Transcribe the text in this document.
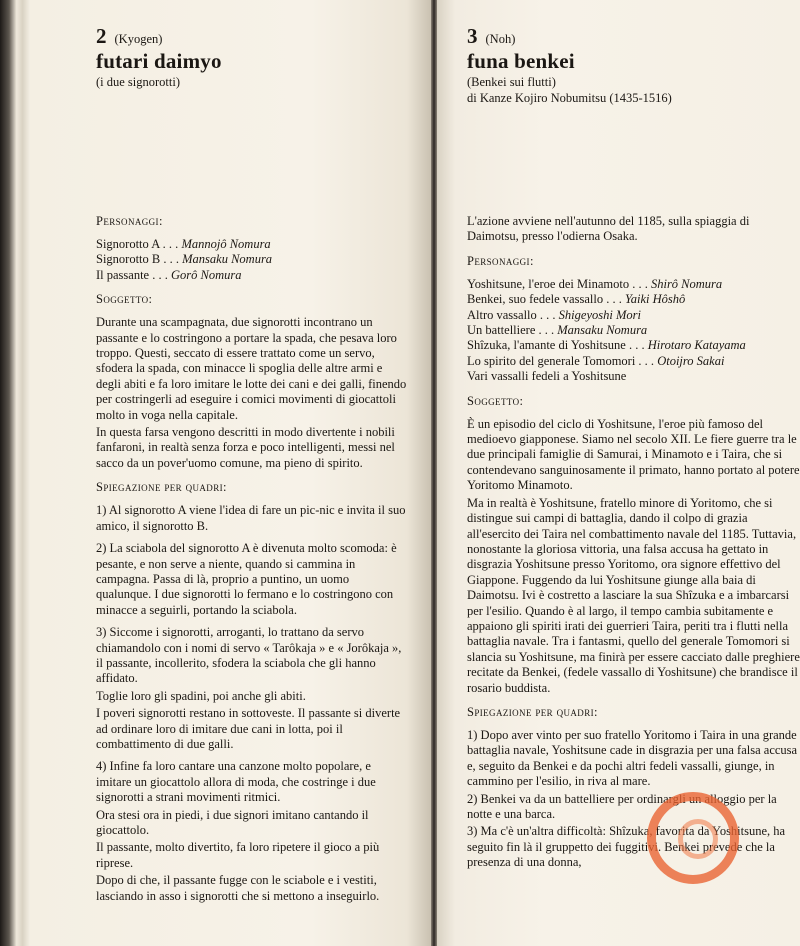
2 (Kyogen)
futari daimyo
(i due signorotti)
Personaggi:
Signorotto A . . . Mannojô Nomura
Signorotto B . . . Mansaku Nomura
Il passante . . . Gorô Nomura
Soggetto:

Durante una scampagnata, due signorotti incontrano un passante e lo costringono a portare la spada, che pesava loro troppo. Questi, seccato di essere trattato come un servo, sfodera la spada, con minacce li spoglia delle altre armi e degli abiti e fa loro imitare le lotte dei cani e dei galli, finendo per costringerli ad eseguire i comici movimenti di giocattoli molto in voga nella capitale.

In questa farsa vengono descritti in modo divertente i nobili fanfaroni, in realtà senza forza e poco intelligenti, messi nel sacco da un pover'uomo comune, ma pieno di spirito.

Spiegazione per quadri:

1) Al signorotto A viene l'idea di fare un pic-nic e invita il suo amico, il signorotto B.

2) La sciabola del signorotto A è divenuta molto scomoda: è pesante, e non serve a niente, quando si cammina in campagna. Passa di là, proprio a puntino, un uomo qualunque. I due signorotti lo fermano e lo costringono con minacce a seguirli, portando la sciabola.

3) Siccome i signorotti, arroganti, lo trattano da servo chiamandolo con i nomi di servo « Tarôkaja » e « Jorôkaja », il passante, incollerito, sfodera la sciabola che gli hanno affidato.

Toglie loro gli spadini, poi anche gli abiti.

I poveri signorotti restano in sottoveste. Il passante si diverte ad ordinare loro di imitare due cani in lotta, poi il combattimento di due galli.

4) Infine fa loro cantare una canzone molto popolare, e imitare un giocattolo allora di moda, che costringe i due signorotti a strani movimenti ritmici.

Ora stesi ora in piedi, i due signori imitano cantando il giocattolo.

Il passante, molto divertito, fa loro ripetere il gioco a più riprese.

Dopo di che, il passante fugge con le sciabole e i vestiti, lasciando in asso i signorotti che si mettono a inseguirlo.

3 (Noh)
funa benkei
(Benkei sui flutti)
di Kanze Kojiro Nobumitsu (1435-1516)

L'azione avviene nell'autunno del 1185, sulla spiaggia di Daimotsu, presso l'odierna Osaka.

Personaggi:
Yoshitsune, l'eroe dei Minamoto . . . Shirô Nomura
Benkei, suo fedele vassallo . . . Yaiki Hôshô
Altro vassallo . . . Shigeyoshi Mori
Un battelliere . . . Mansaku Nomura
Shîzuka, l'amante di Yoshitsune . . . Hirotaro Katayama
Lo spirito del generale Tomomori . . . Otoijro Sakai
Vari vassalli fedeli a Yoshitsune
Soggetto:

È un episodio del ciclo di Yoshitsune, l'eroe più famoso del medioevo giapponese. Siamo nel secolo XII. Le fiere guerre tra le due principali famiglie di Samurai, i Minamoto e i Taira, che si contendevano sanguinosamente il primato, hanno portato al potere Yoritomo Minamoto.

Ma in realtà è Yoshitsune, fratello minore di Yoritomo, che si distingue sui campi di battaglia, dando il colpo di grazia all'esercito dei Taira nel combattimento navale del 1185. Tuttavia, nonostante la gloriosa vittoria, una falsa accusa ha gettato in disgrazia Yoshitsune presso Yoritomo, ora signore effettivo del Giappone. Fuggendo da lui Yoshitsune giunge alla baia di Daimotsu. Ivi è costretto a lasciare la sua Shîzuka e a imbarcarsi per l'esilio. Quando è al largo, il tempo cambia subitamente e appaiono gli spiriti irati dei guerrieri Taira, periti tra i flutti nella battaglia navale. Tra i fantasmi, quello del generale Tomomori si slancia su Yoshitsune, ma finirà per essere cacciato dalle preghiere recitate da Benkei, (fedele vassallo di Yoshitsune) che brandisce il rosario buddista.

Spiegazione per quadri:

1) Dopo aver vinto per suo fratello Yoritomo i Taira in una grande battaglia navale, Yoshitsune cade in disgrazia per una falsa accusa e, seguito da Benkei e da pochi altri fedeli vassalli, giunge, in cammino per l'esilio, in riva al mare.

2) Benkei va da un battelliere per ordinargli un alloggio per la notte e una barca.

3) Ma c'è un'altra difficoltà: Shîzuka, favorita da Yoshitsune, ha seguito fin là il gruppetto dei fuggitivi. Benkei prevede che la presenza di una donna,
